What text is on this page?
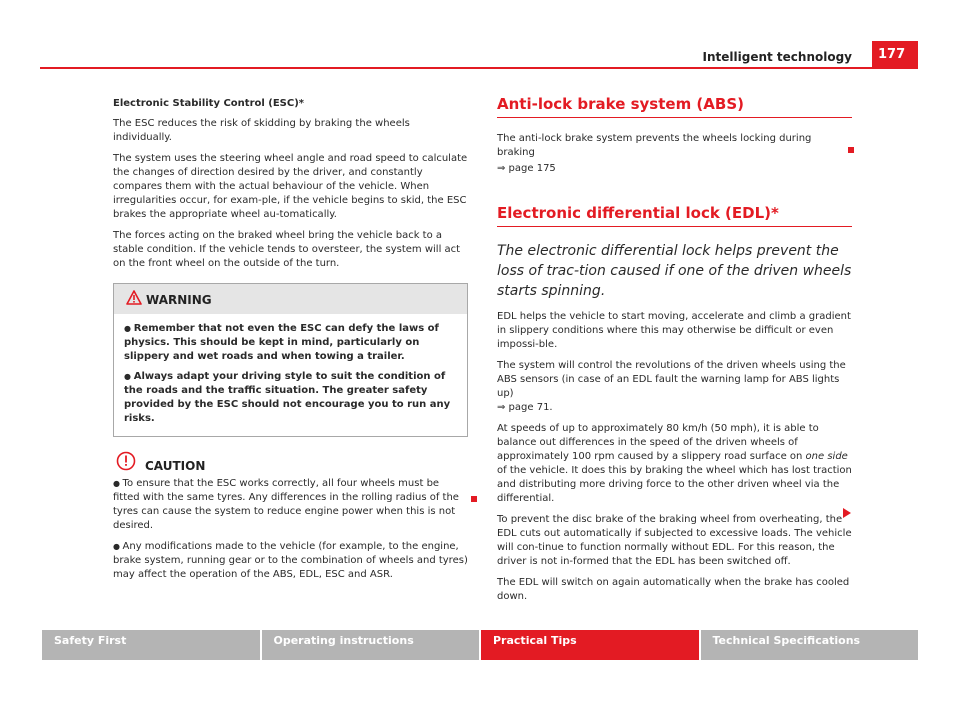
Intelligent technology	177

Electronic Stability Control (ESC)*

The ESC reduces the risk of skidding by braking the wheels individually.

The system uses the steering wheel angle and road speed to calculate the changes of direction desired by the driver, and constantly compares them with the actual behaviour of the vehicle. When irregularities occur, for exam-ple, if the vehicle begins to skid, the ESC brakes the appropriate wheel au-tomatically.

The forces acting on the braked wheel bring the vehicle back to a stable condition. If the vehicle tends to oversteer, the system will act on the front wheel on the outside of the turn.

WARNING

● Remember that not even the ESC can defy the laws of physics. This should be kept in mind, particularly on slippery and wet roads and when towing a trailer.

● Always adapt your driving style to suit the condition of the roads and the traffic situation. The greater safety provided by the ESC should not encourage you to run any risks.

CAUTION

● To ensure that the ESC works correctly, all four wheels must be fitted with the same tyres. Any differences in the rolling radius of the tyres can cause the system to reduce engine power when this is not desired.

● Any modifications made to the vehicle (for example, to the engine, brake system, running gear or to the combination of wheels and tyres) may affect the operation of the ABS, EDL, ESC and ASR.

Anti-lock brake system (ABS)

The anti-lock brake system prevents the wheels locking during braking

⇒ page 175

Electronic differential lock (EDL)*
The electronic differential lock helps prevent the loss of trac-tion caused if one of the driven wheels starts spinning.

EDL helps the vehicle to start moving, accelerate and climb a gradient in slippery conditions where this may otherwise be difficult or even impossi-ble.

The system will control the revolutions of the driven wheels using the ABS sensors (in case of an EDL fault the warning lamp for ABS lights up)
⇒ page 71.

At speeds of up to approximately 80 km/h (50 mph), it is able to balance out differences in the speed of the driven wheels of approximately 100 rpm caused by a slippery road surface on one side of the vehicle. It does this by braking the wheel which has lost traction and distributing more driving force to the other driven wheel via the differential.

To prevent the disc brake of the braking wheel from overheating, the EDL cuts out automatically if subjected to excessive loads. The vehicle will con-tinue to function normally without EDL. For this reason, the driver is not in-formed that the EDL has been switched off.

The EDL will switch on again automatically when the brake has cooled down.

Safety First	Operating instructions	Practical Tips	Technical Specifications
